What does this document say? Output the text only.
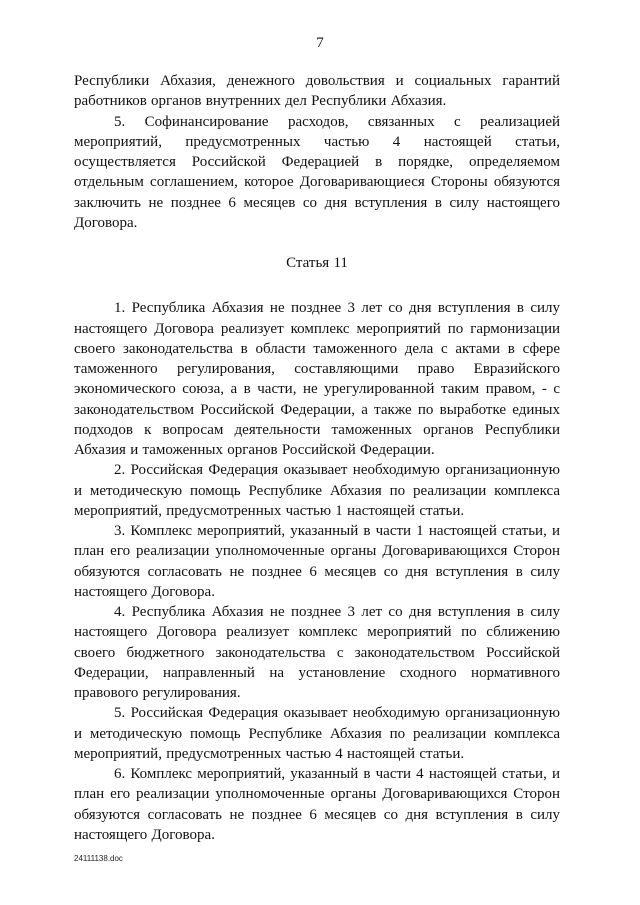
7

Республики Абхазия, денежного довольствия и социальных гарантий работников органов внутренних дел Республики Абхазия.

5. Софинансирование расходов, связанных с реализацией мероприятий, предусмотренных частью 4 настоящей статьи, осуществляется Российской Федерацией в порядке, определяемом отдельным соглашением, которое Договаривающиеся Стороны обязуются заключить не позднее 6 месяцев со дня вступления в силу настоящего Договора.

Статья 11

1. Республика Абхазия не позднее 3 лет со дня вступления в силу настоящего Договора реализует комплекс мероприятий по гармонизации своего законодательства в области таможенного дела с актами в сфере таможенного регулирования, составляющими право Евразийского экономического союза, а в части, не урегулированной таким правом, - с законодательством Российской Федерации, а также по выработке единых подходов к вопросам деятельности таможенных органов Республики Абхазия и таможенных органов Российской Федерации.

2. Российская Федерация оказывает необходимую организационную и методическую помощь Республике Абхазия по реализации комплекса мероприятий, предусмотренных частью 1 настоящей статьи.

3. Комплекс мероприятий, указанный в части 1 настоящей статьи, и план его реализации уполномоченные органы Договаривающихся Сторон обязуются согласовать не позднее 6 месяцев со дня вступления в силу настоящего Договора.

4. Республика Абхазия не позднее 3 лет со дня вступления в силу настоящего Договора реализует комплекс мероприятий по сближению своего бюджетного законодательства с законодательством Российской Федерации, направленный на установление сходного нормативного правового регулирования.

5. Российская Федерация оказывает необходимую организационную и методическую помощь Республике Абхазия по реализации комплекса мероприятий, предусмотренных частью 4 настоящей статьи.

6. Комплекс мероприятий, указанный в части 4 настоящей статьи, и план его реализации уполномоченные органы Договаривающихся Сторон обязуются согласовать не позднее 6 месяцев со дня вступления в силу настоящего Договора.

24111138.doc
